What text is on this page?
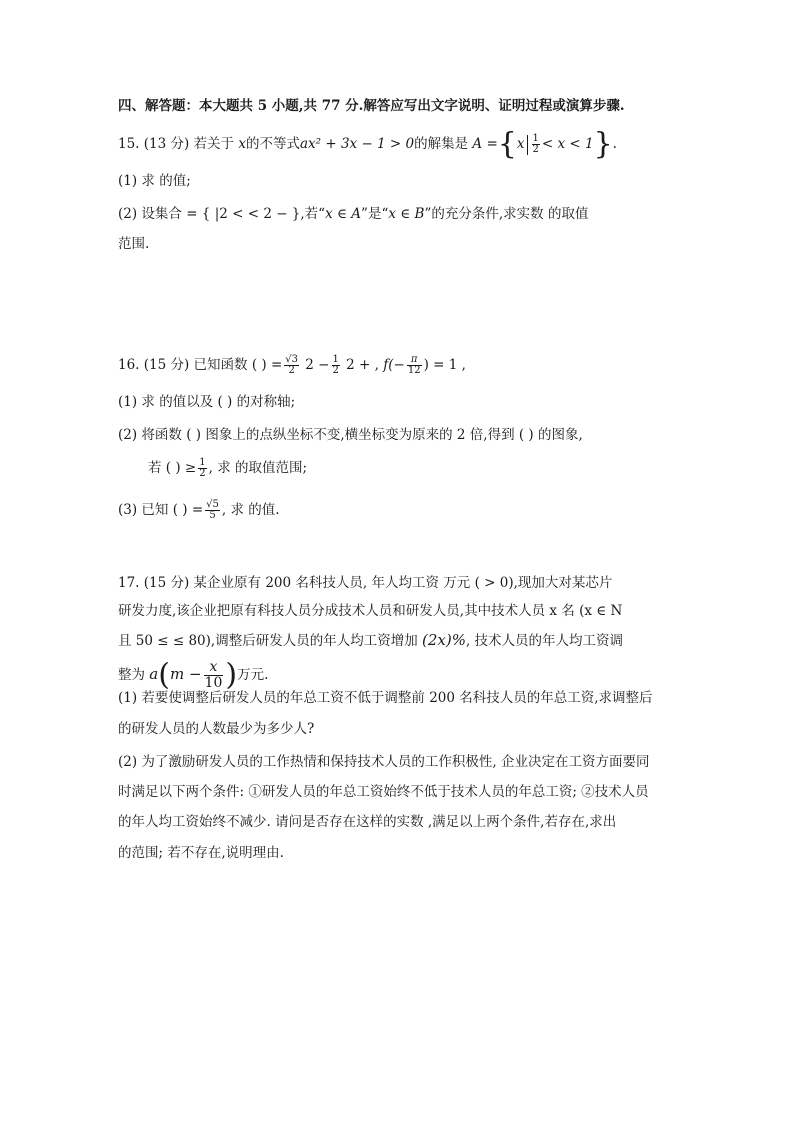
四、解答题：本大题共 5 小题,共 77 分.解答应写出文字说明、证明过程或演算步骤.
15. (13 分) 若关于 x的不等式ax² + 3x − 1 > 0的解集是 $A =\{x \frac{1}{2} < x < 1\}$.
(1) 求 的值;
(2) 设集合 = { |2 < < 2 − },若“x ∈ A”是“x ∈ B”的充分条件,求实数 的取值
范围.
16. (15 分) 已知函数 ( ) = $\frac{√3}{2} 2 - \frac{1}{2} 2$ + , $f(- \frac{\pi}{12}$ ) = 1 ,
(1) 求 的值以及 ( ) 的对称轴;
(2) 将函数 ( ) 图象上的点纵坐标不变,横坐标变为原来的 2 倍,得到 ( ) 的图象,
若 ( ) ≥ $\frac{1}{2}$ , 求 的取值范围;
(3) 已知 ( ) = $\frac{√5}{5}$ , 求 的值.
17. (15 分) 某企业原有 200 名科技人员, 年人均工资 万元 ( > 0),现加大对某芯片
研发力度,该企业把原有科技人员分成技术人员和研发人员,其中技术人员 x 名 (x ∈ N
且 50 ≤ ≤ 80),调整后研发人员的年人均工资增加 (2x)%, 技术人员的年人均工资调
整为 $a(m - \frac{x}{10}$ )万元.
(1) 若要使调整后研发人员的年总工资不低于调整前 200 名科技人员的年总工资,求调整后
的研发人员的人数最少为多少人?
(2) 为了激励研发人员的工作热情和保持技术人员的工作积极性, 企业决定在工资方面要同
时满足以下两个条件: ①研发人员的年总工资始终不低于技术人员的年总工资; ②技术人员
的年人均工资始终不减少. 请问是否存在这样的实数 ,满足以上两个条件,若存在,求出
的范围; 若不存在,说明理由.
